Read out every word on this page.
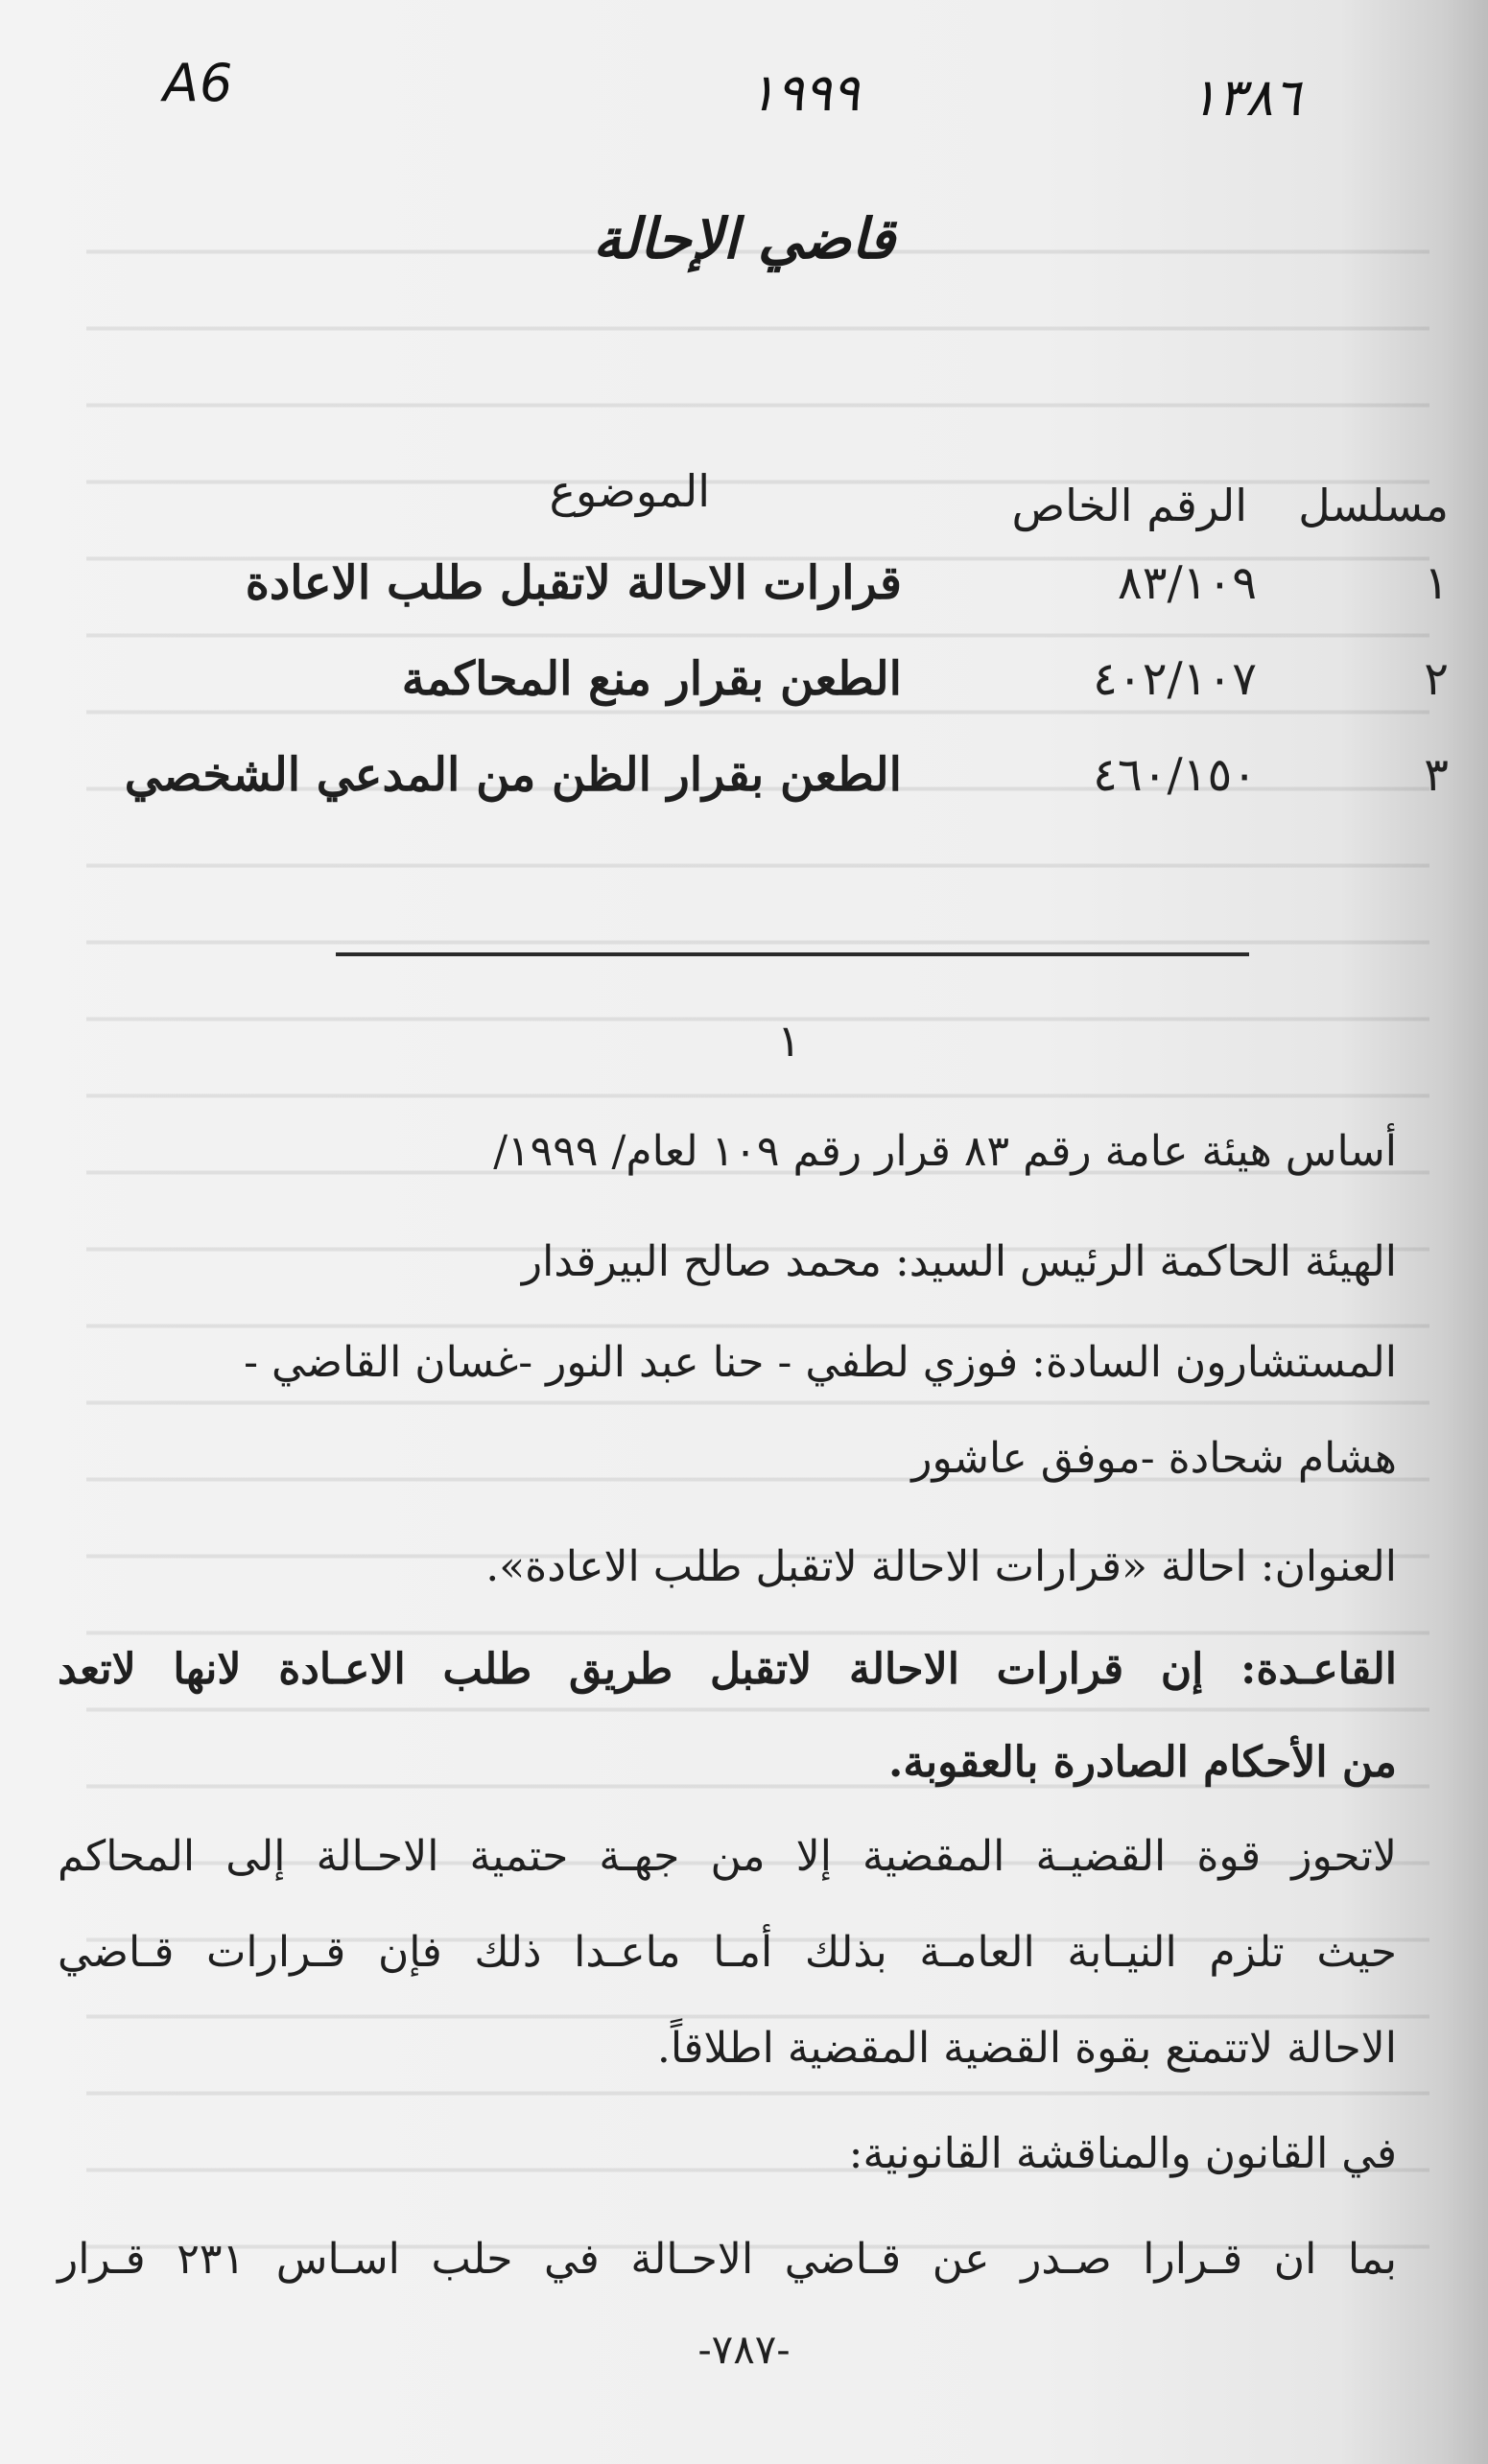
A6	١٩٩٩	١٣٨٦
قاضي الإحالة
مسلسل
الرقم الخاص
الموضوع
١
٨٣/١٠٩
قرارات الاحالة لاتقبل طلب الاعادة
٢
٤٠٢/١٠٧
الطعن بقرار منع المحاكمة
٣
٤٦٠/١٥٠
الطعن بقرار الظن من المدعي الشخصي
١
أساس هيئة عامة رقم ٨٣ قرار رقم ١٠٩ لعام/ ١٩٩٩/
الهيئة الحاكمة الرئيس السيد: محمد صالح البيرقدار
المستشارون السادة: فوزي لطفي - حنا عبد النور -غسان القاضي -
هشام شحادة -موفق عاشور
العنوان: احالة «قرارات الاحالة لاتقبل طلب الاعادة».
القاعـدة: إن قرارات الاحالة لاتقبل طريق طلب الاعـادة لانها لاتعد
من الأحكام الصادرة بالعقوبة.
لاتحوز قوة القضيـة المقضية إلا من جهـة حتمية الاحـالة إلى المحاكم
حيث تلزم النيـابة العامـة بذلك أمـا ماعـدا ذلك فإن قـرارات قـاضي
الاحالة لاتتمتع بقوة القضية المقضية اطلاقاً.
في القانون والمناقشة القانونية:
بما ان قـرارا صـدر عن قـاضي الاحـالة في حلب اسـاس ٢٣١ قـرار
-٧٨٧-
